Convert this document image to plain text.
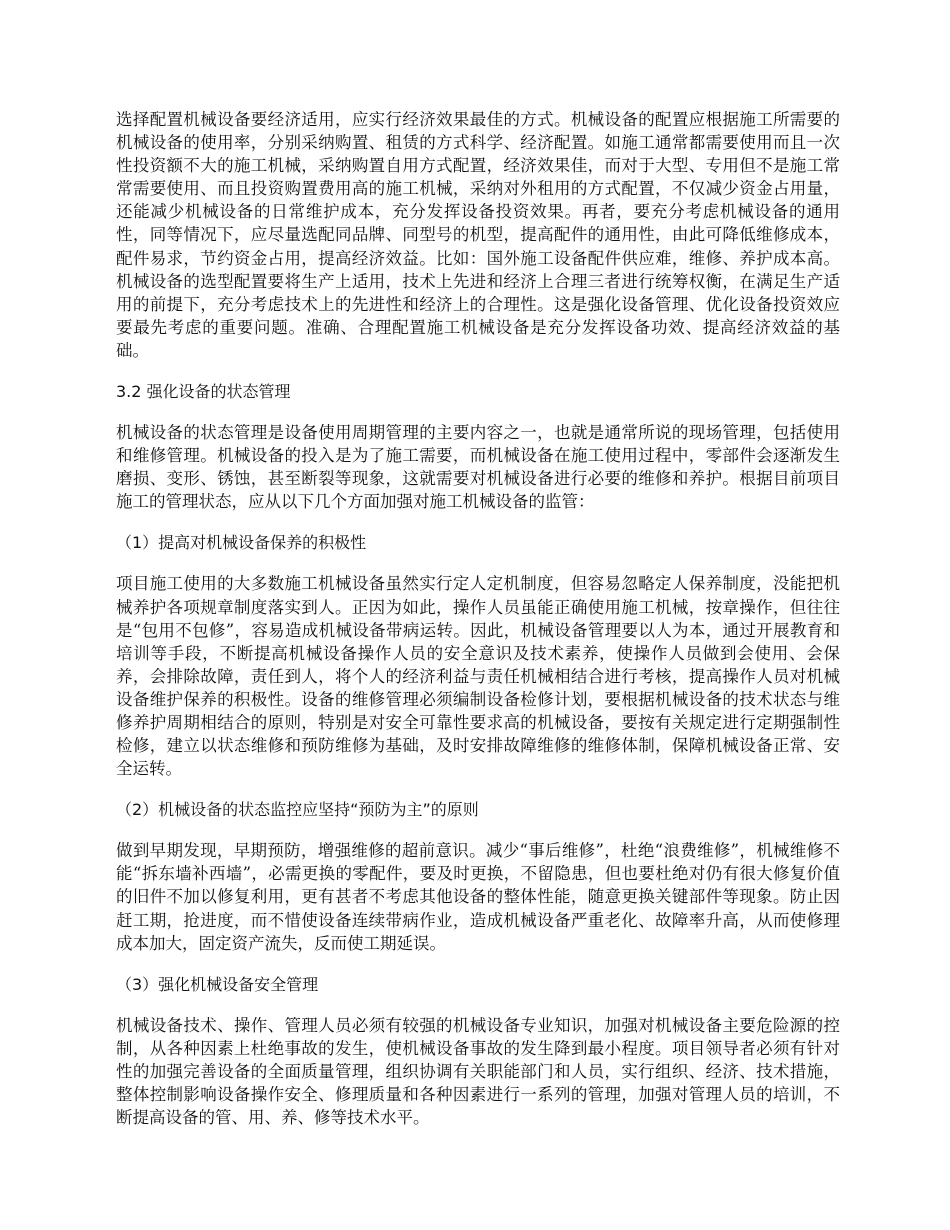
选择配置机械设备要经济适用，应实行经济效果最佳的方式。机械设备的配置应根据施工所需要的机械设备的使用率，分别采纳购置、租赁的方式科学、经济配置。如施工通常都需要使用而且一次性投资额不大的施工机械，采纳购置自用方式配置，经济效果佳，而对于大型、专用但不是施工常常需要使用、而且投资购置费用高的施工机械，采纳对外租用的方式配置，不仅减少资金占用量，还能减少机械设备的日常维护成本，充分发挥设备投资效果。再者，要充分考虑机械设备的通用性，同等情况下，应尽量选配同品牌、同型号的机型，提高配件的通用性，由此可降低维修成本，配件易求，节约资金占用，提高经济效益。比如：国外施工设备配件供应难，维修、养护成本高。机械设备的选型配置要将生产上适用，技术上先进和经济上合理三者进行统筹权衡，在满足生产适用的前提下，充分考虑技术上的先进性和经济上的合理性。这是强化设备管理、优化设备投资效应要最先考虑的重要问题。准确、合理配置施工机械设备是充分发挥设备功效、提高经济效益的基础。

3.2 强化设备的状态管理

机械设备的状态管理是设备使用周期管理的主要内容之一，也就是通常所说的现场管理，包括使用和维修管理。机械设备的投入是为了施工需要，而机械设备在施工使用过程中，零部件会逐渐发生磨损、变形、锈蚀，甚至断裂等现象，这就需要对机械设备进行必要的维修和养护。根据目前项目施工的管理状态，应从以下几个方面加强对施工机械设备的监管：

（1）提高对机械设备保养的积极性

项目施工使用的大多数施工机械设备虽然实行定人定机制度，但容易忽略定人保养制度，没能把机械养护各项规章制度落实到人。正因为如此，操作人员虽能正确使用施工机械，按章操作，但往往是“包用不包修”，容易造成机械设备带病运转。因此，机械设备管理要以人为本，通过开展教育和培训等手段，不断提高机械设备操作人员的安全意识及技术素养，使操作人员做到会使用、会保养，会排除故障，责任到人，将个人的经济利益与责任机械相结合进行考核，提高操作人员对机械设备维护保养的积极性。设备的维修管理必须编制设备检修计划，要根据机械设备的技术状态与维修养护周期相结合的原则，特别是对安全可靠性要求高的机械设备，要按有关规定进行定期强制性检修，建立以状态维修和预防维修为基础，及时安排故障维修的维修体制，保障机械设备正常、安全运转。

（2）机械设备的状态监控应坚持“预防为主”的原则

做到早期发现，早期预防，增强维修的超前意识。减少“事后维修”，杜绝“浪费维修”，机械维修不能“拆东墙补西墙”，必需更换的零配件，要及时更换，不留隐患，但也要杜绝对仍有很大修复价值的旧件不加以修复利用，更有甚者不考虑其他设备的整体性能，随意更换关键部件等现象。防止因赶工期，抢进度，而不惜使设备连续带病作业，造成机械设备严重老化、故障率升高，从而使修理成本加大，固定资产流失，反而使工期延误。

（3）强化机械设备安全管理

机械设备技术、操作、管理人员必须有较强的机械设备专业知识，加强对机械设备主要危险源的控制，从各种因素上杜绝事故的发生，使机械设备事故的发生降到最小程度。项目领导者必须有针对性的加强完善设备的全面质量管理，组织协调有关职能部门和人员，实行组织、经济、技术措施，整体控制影响设备操作安全、修理质量和各种因素进行一系列的管理，加强对管理人员的培训，不断提高设备的管、用、养、修等技术水平。
